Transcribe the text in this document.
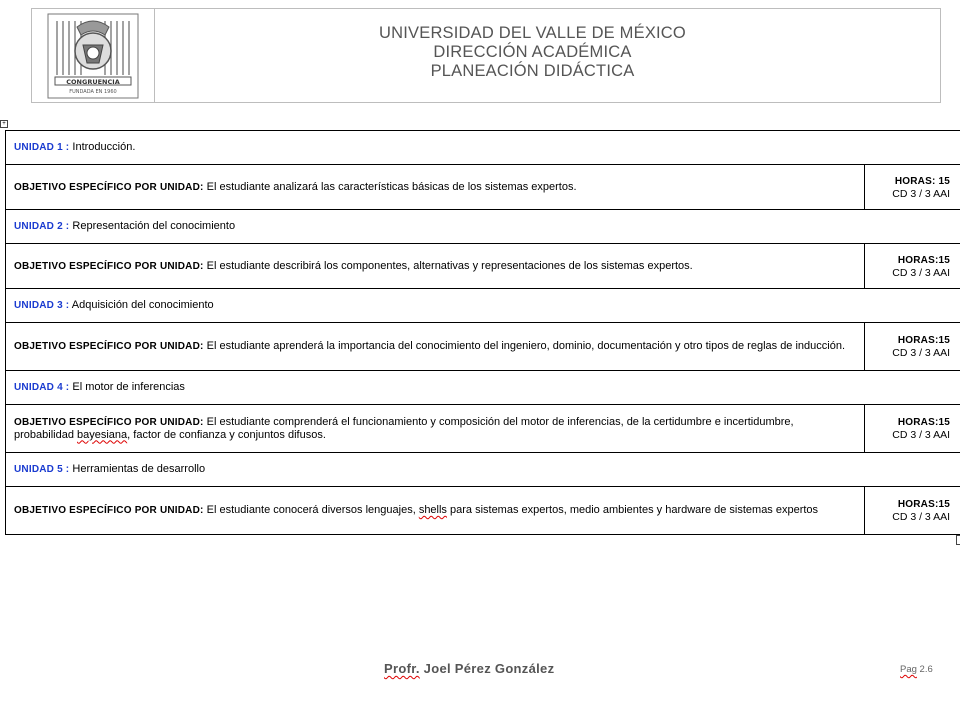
CONGRUENCIA
FUNDADA EN 1960
UNIVERSIDAD DEL VALLE DE MÉXICO
DIRECCIÓN ACADÉMICA
PLANEACIÓN DIDÁCTICA
+
UNIDAD 1 : Introducción.	
OBJETIVO ESPECÍFICO POR UNIDAD: El estudiante analizará las características básicas de los sistemas expertos.	HORAS: 15
CD 3 / 3 AAI
UNIDAD 2 : Representación del conocimiento	
OBJETIVO ESPECÍFICO POR UNIDAD: El estudiante describirá los componentes, alternativas y representaciones de los sistemas expertos.	HORAS:15
CD 3 / 3 AAI
UNIDAD 3 : Adquisición del conocimiento	
OBJETIVO ESPECÍFICO POR UNIDAD: El estudiante aprenderá la importancia del conocimiento del ingeniero, dominio, documentación y otro tipos de reglas de inducción.	HORAS:15
CD 3 / 3 AAI
UNIDAD 4 : El motor de inferencias	
OBJETIVO ESPECÍFICO POR UNIDAD: El estudiante comprenderá el funcionamiento y composición del motor de inferencias, de la certidumbre e incertidumbre, probabilidad bayesiana, factor de confianza y conjuntos difusos.	HORAS:15
CD 3 / 3 AAI
UNIDAD 5 : Herramientas de desarrollo	
OBJETIVO ESPECÍFICO POR UNIDAD: El estudiante conocerá diversos lenguajes, shells para sistemas expertos, medio ambientes y hardware de sistemas expertos	HORAS:15
CD 3 / 3 AAI
Profr. Joel Pérez González	Pag 2.6
